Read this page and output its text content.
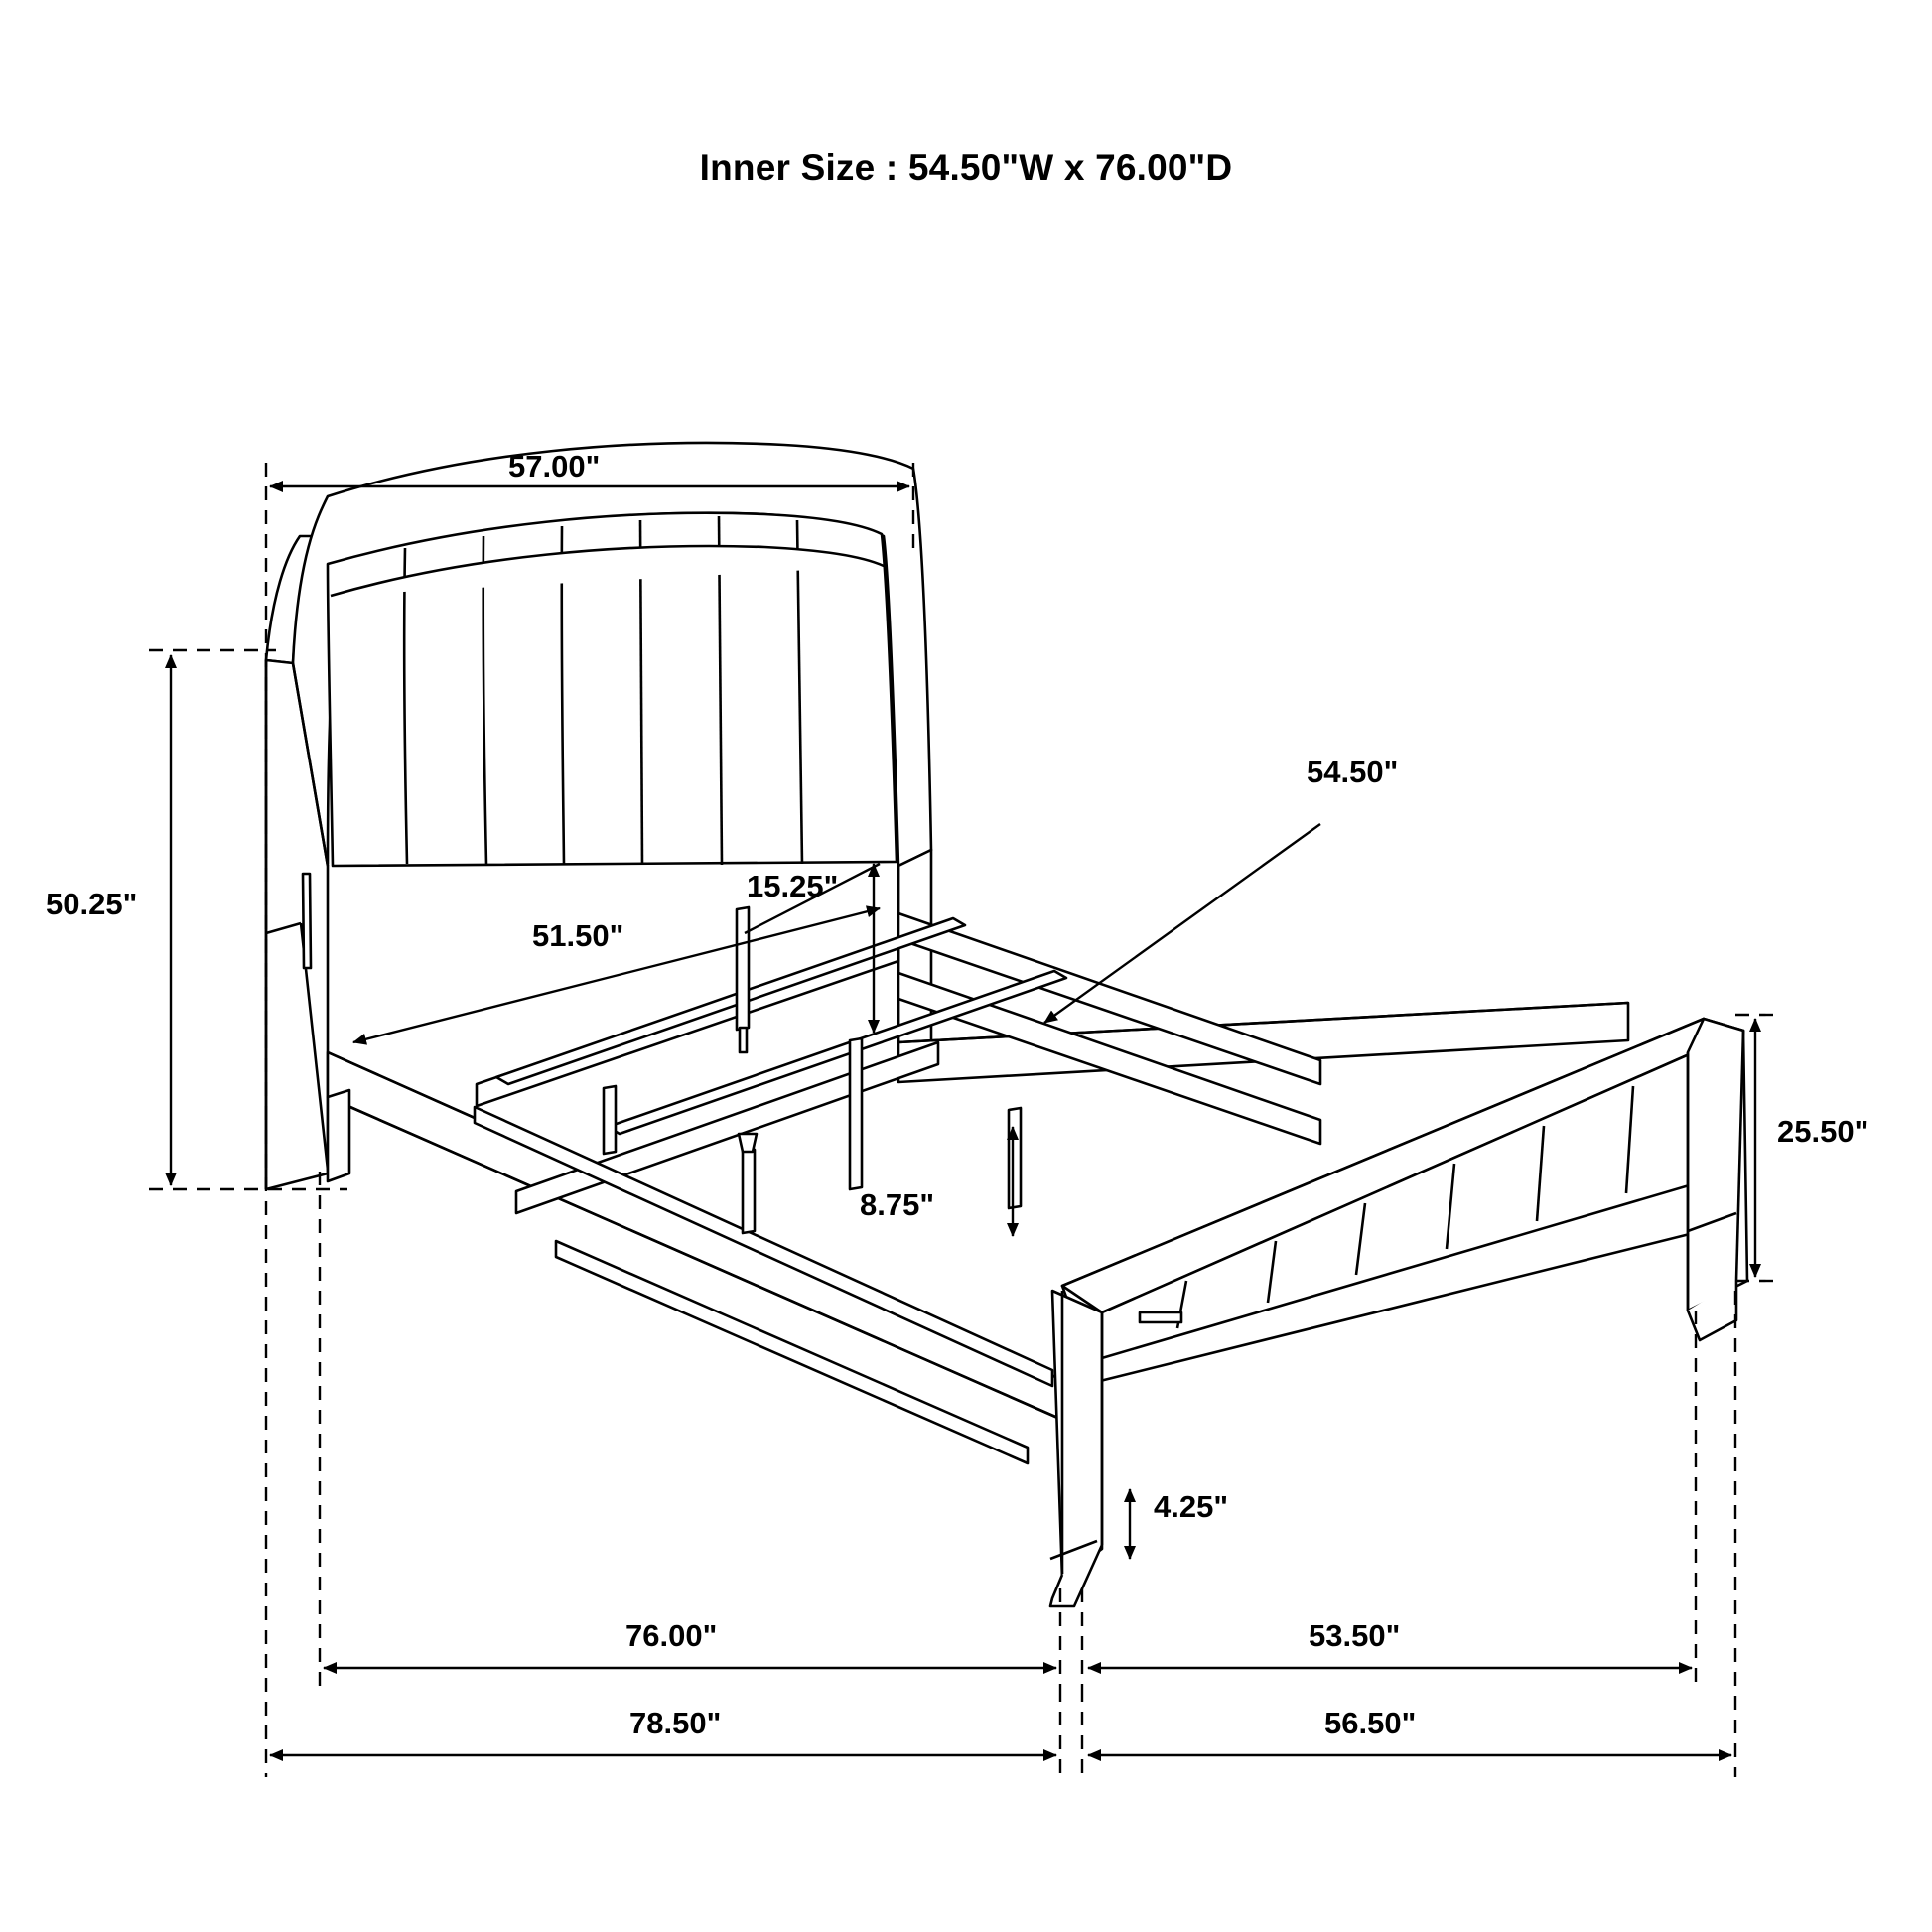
Inner Size : 54.50"W x 76.00"D
57.00"
50.25"
15.25"
51.50"
54.50"
8.75"
25.50"
4.25"
76.00"	53.50"
78.50"	56.50"
